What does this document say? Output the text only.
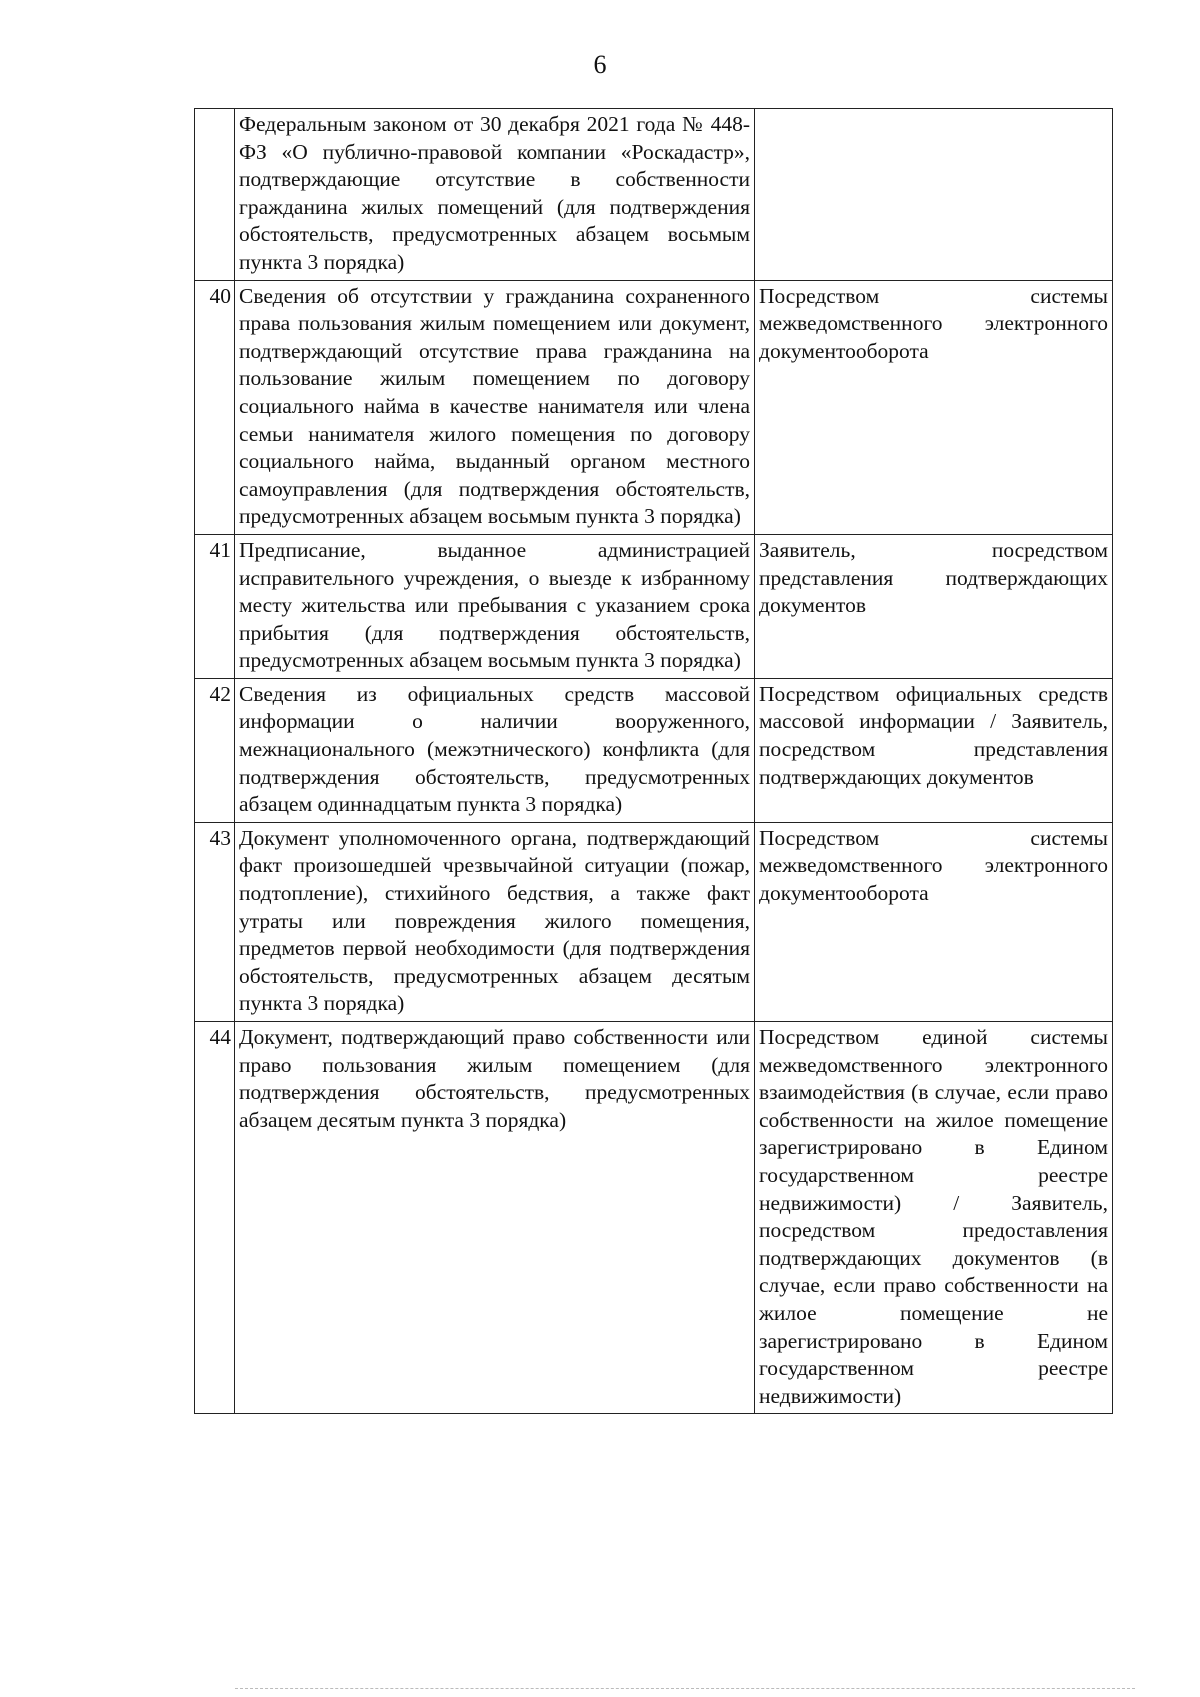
6
	Федеральным законом от 30 декабря 2021 года № 448-ФЗ «О публично-правовой компании «Роскадастр», подтверждающие отсутствие в собственности гражданина жилых помещений (для подтверждения обстоятельств, предусмотренных абзацем восьмым пункта 3 порядка)	
40	Сведения об отсутствии у гражданина сохраненного права пользования жилым помещением или документ, подтверждающий отсутствие права гражданина на пользование жилым помещением по договору социального найма в качестве нанимателя или члена семьи нанимателя жилого помещения по договору социального найма, выданный органом местного самоуправления (для подтверждения обстоятельств, предусмотренных абзацем восьмым пункта 3 порядка)	Посредством системы межведомственного электронного документооборота
41	Предписание, выданное администрацией исправительного учреждения, о выезде к избранному месту жительства или пребывания с указанием срока прибытия (для подтверждения обстоятельств, предусмотренных абзацем восьмым пункта 3 порядка)	Заявитель, посредством представления подтверждающих документов
42	Сведения из официальных средств массовой информации о наличии вооруженного, межнационального (межэтнического) конфликта (для подтверждения обстоятельств, предусмотренных абзацем одиннадцатым пункта 3 порядка)	Посредством официальных средств массовой информации / Заявитель, посредством представления подтверждающих документов
43	Документ уполномоченного органа, подтверждающий факт произошедшей чрезвычайной ситуации (пожар, подтопление), стихийного бедствия, а также факт утраты или повреждения жилого помещения, предметов первой необходимости (для подтверждения обстоятельств, предусмотренных абзацем десятым пункта 3 порядка)	Посредством системы межведомственного электронного документооборота
44	Документ, подтверждающий право собственности или право пользования жилым помещением (для подтверждения обстоятельств, предусмотренных абзацем десятым пункта 3 порядка)	Посредством единой системы межведомственного электронного взаимодействия (в случае, если право собственности на жилое помещение зарегистрировано в Едином государственном реестре недвижимости) / Заявитель, посредством предоставления подтверждающих документов (в случае, если право собственности на жилое помещение не зарегистрировано в Едином государственном реестре недвижимости)
